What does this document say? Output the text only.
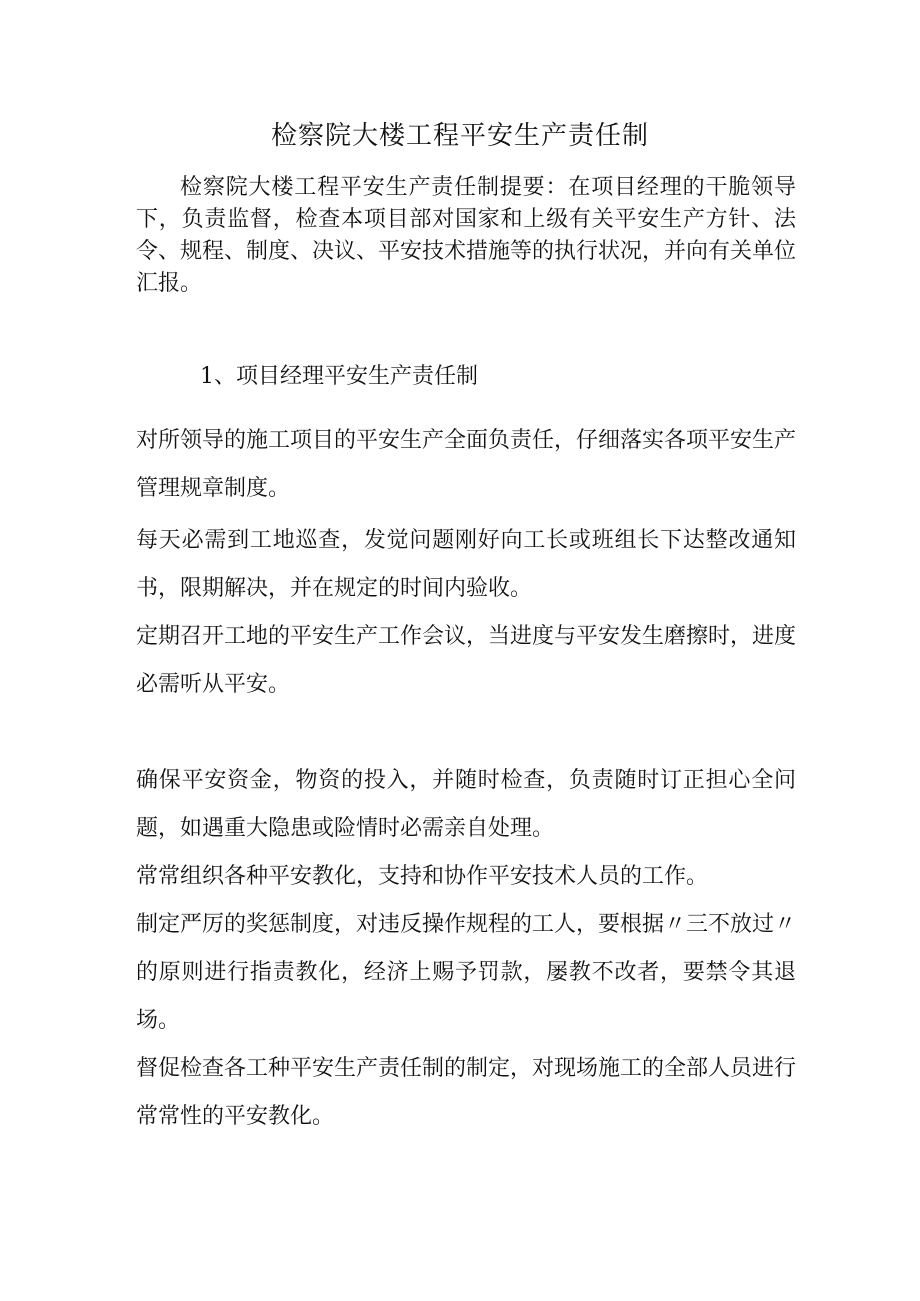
检察院大楼工程平安生产责任制
检察院大楼工程平安生产责任制提要：在项目经理的干脆领导下，负责监督，检查本项目部对国家和上级有关平安生产方针、法令、规程、制度、决议、平安技术措施等的执行状况，并向有关单位汇报。
1、项目经理平安生产责任制
对所领导的施工项目的平安生产全面负责任，仔细落实各项平安生产管理规章制度。
每天必需到工地巡查，发觉问题刚好向工长或班组长下达整改通知书，限期解决，并在规定的时间内验收。
定期召开工地的平安生产工作会议，当进度与平安发生磨擦时，进度必需听从平安。
确保平安资金，物资的投入，并随时检查，负责随时订正担心全问题，如遇重大隐患或险情时必需亲自处理。
常常组织各种平安教化，支持和协作平安技术人员的工作。
制定严厉的奖惩制度，对违反操作规程的工人，要根据〃三不放过〃的原则进行指责教化，经济上赐予罚款，屡教不改者，要禁令其退场。
督促检查各工种平安生产责任制的制定，对现场施工的全部人员进行常常性的平安教化。
